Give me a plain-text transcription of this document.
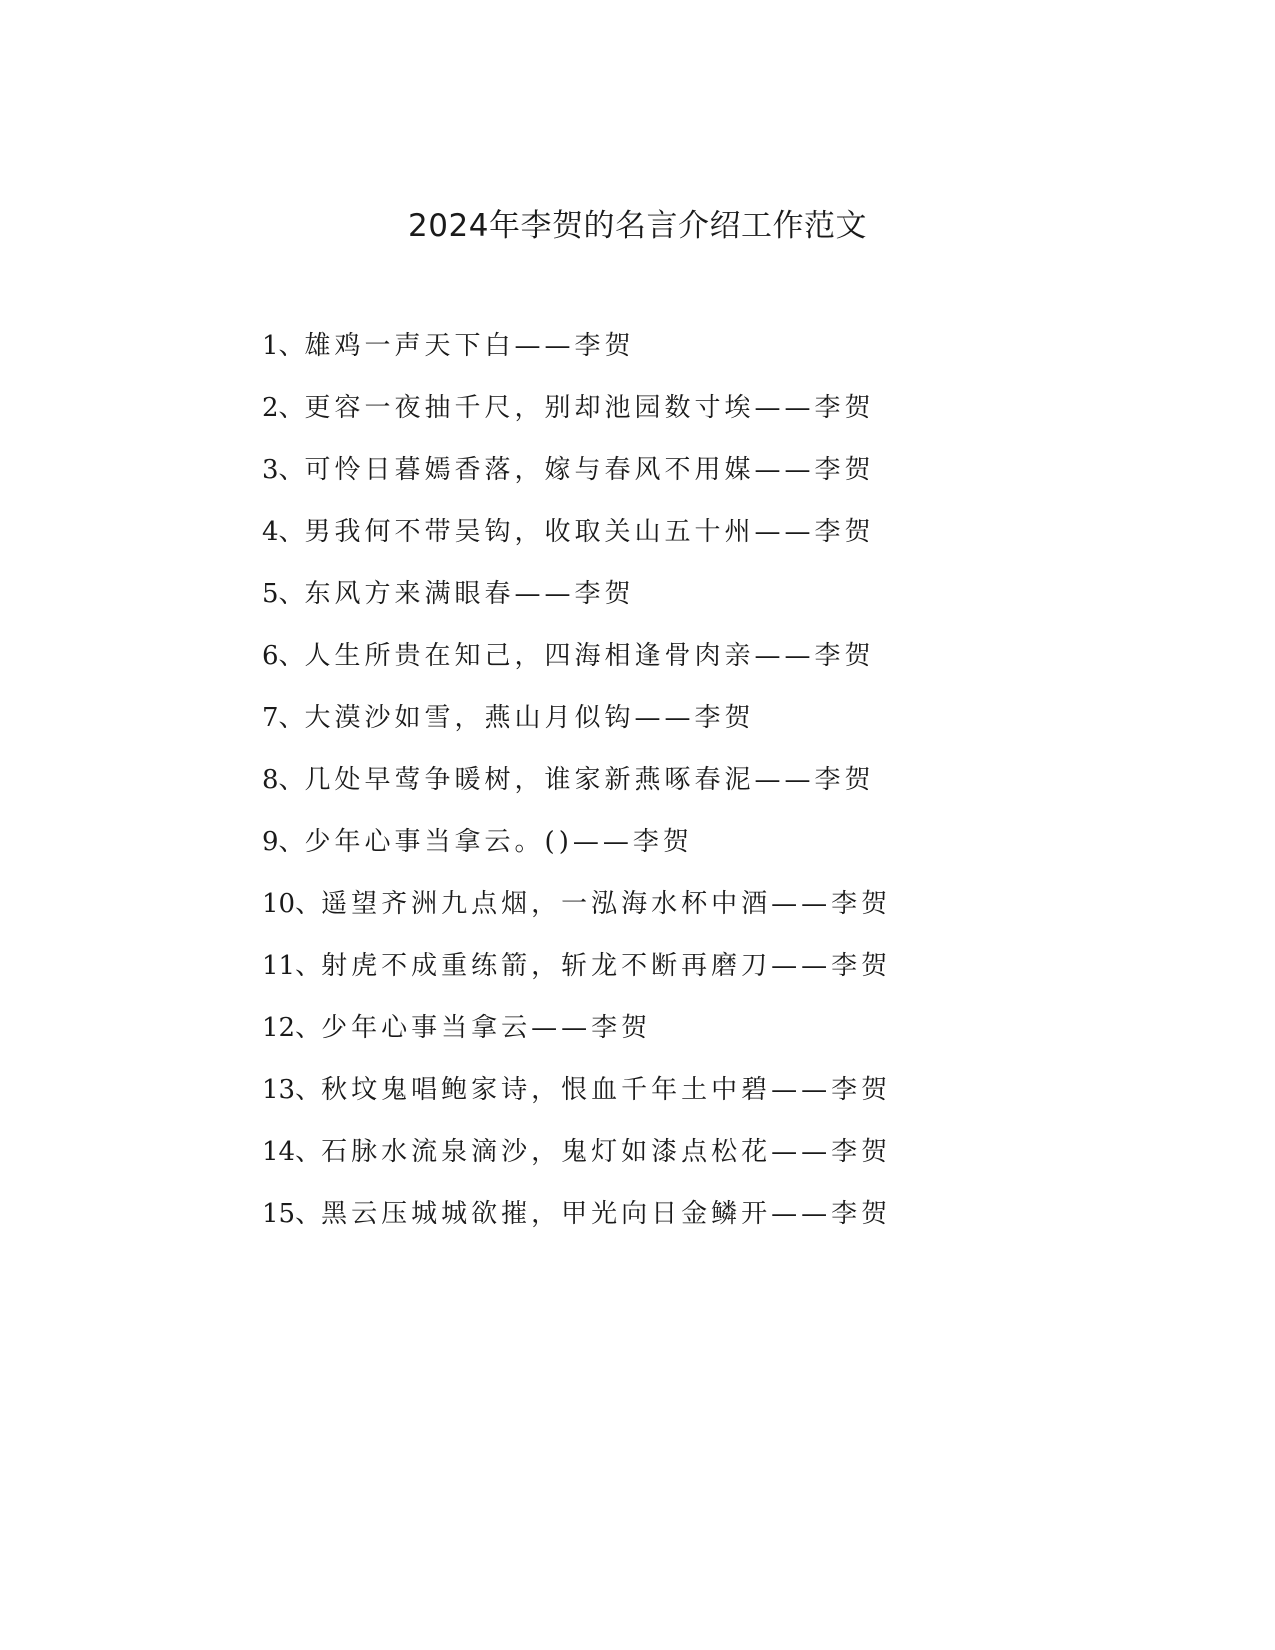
2024年李贺的名言介绍工作范文
1、雄鸡一声天下白——李贺
2、更容一夜抽千尺，别却池园数寸埃——李贺
3、可怜日暮嫣香落，嫁与春风不用媒——李贺
4、男我何不带吴钩，收取关山五十州——李贺
5、东风方来满眼春——李贺
6、人生所贵在知己，四海相逢骨肉亲——李贺
7、大漠沙如雪，燕山月似钩——李贺
8、几处早莺争暖树，谁家新燕啄春泥——李贺
9、少年心事当拿云。()——李贺
10、遥望齐洲九点烟，一泓海水杯中酒——李贺
11、射虎不成重练箭，斩龙不断再磨刀——李贺
12、少年心事当拿云——李贺
13、秋坟鬼唱鲍家诗，恨血千年土中碧——李贺
14、石脉水流泉滴沙，鬼灯如漆点松花——李贺
15、黑云压城城欲摧，甲光向日金鳞开——李贺
